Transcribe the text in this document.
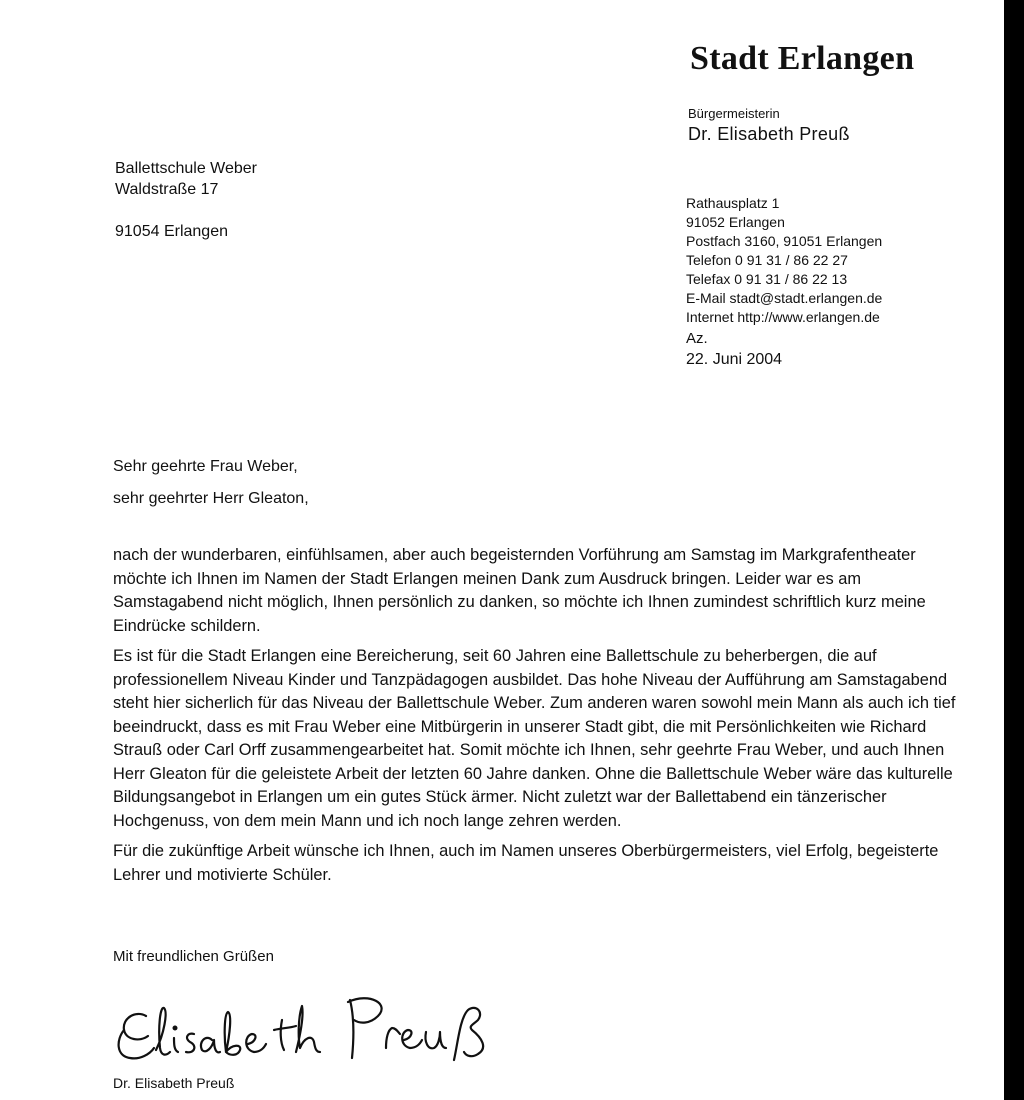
Stadt Erlangen
Bürgermeisterin
Dr. Elisabeth Preuß
Ballettschule Weber
Waldstraße 17
91054 Erlangen
Rathausplatz 1
91052 Erlangen
Postfach 3160, 91051 Erlangen
Telefon 0 91 31 / 86 22 27
Telefax 0 91 31 / 86 22 13
E-Mail stadt@stadt.erlangen.de
Internet http://www.erlangen.de
Az.
22. Juni 2004
Sehr geehrte Frau Weber,
sehr geehrter Herr Gleaton,
nach der wunderbaren, einfühlsamen, aber auch begeisternden Vorführung am Samstag im Markgrafentheater möchte ich Ihnen im Namen der Stadt Erlangen meinen Dank zum Ausdruck bringen. Leider war es am Samstagabend nicht möglich, Ihnen persönlich zu danken, so möchte ich Ihnen zumindest schriftlich kurz meine Eindrücke schildern.
Es ist für die Stadt Erlangen eine Bereicherung, seit 60 Jahren eine Ballettschule zu beherbergen, die auf professionellem Niveau Kinder und Tanzpädagogen ausbildet. Das hohe Niveau der Aufführung am Samstagabend steht hier sicherlich für das Niveau der Ballettschule Weber. Zum anderen waren sowohl mein Mann als auch ich tief beeindruckt, dass es mit Frau Weber eine Mitbürgerin in unserer Stadt gibt, die mit Persönlichkeiten wie Richard Strauß oder Carl Orff zusammengearbeitet hat. Somit möchte ich Ihnen, sehr geehrte Frau Weber, und auch Ihnen Herr Gleaton für die geleistete Arbeit der letzten 60 Jahre danken. Ohne die Ballettschule Weber wäre das kulturelle Bildungsangebot in Erlangen um ein gutes Stück ärmer. Nicht zuletzt war der Ballettabend ein tänzerischer Hochgenuss, von dem mein Mann und ich noch lange zehren werden.
Für die zukünftige Arbeit wünsche ich Ihnen, auch im Namen unseres Oberbürgermeisters, viel Erfolg, begeisterte Lehrer und motivierte Schüler.
Mit freundlichen Grüßen
Dr. Elisabeth Preuß
